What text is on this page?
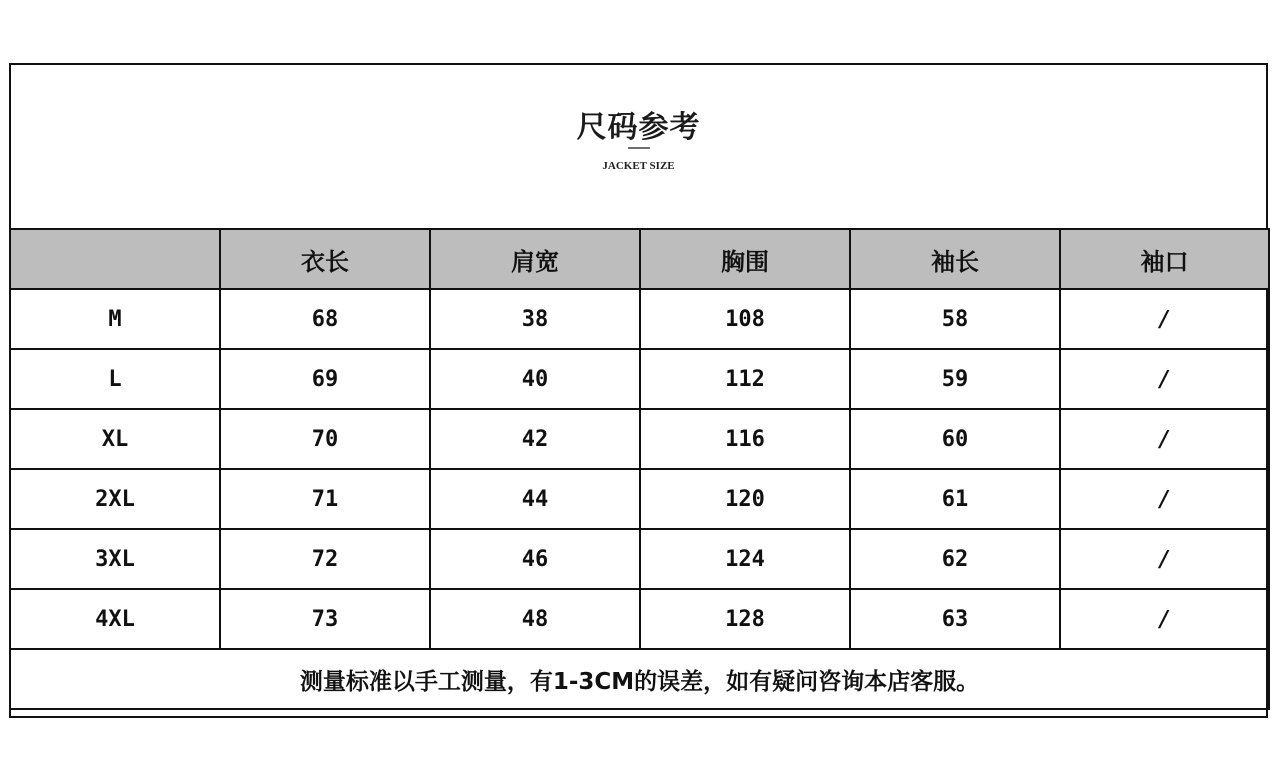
尺码参考
JACKET SIZE
	衣长	肩宽	胸围	袖长	袖口
M	68	38	108	58	/
L	69	40	112	59	/
XL	70	42	116	60	/
2XL	71	44	120	61	/
3XL	72	46	124	62	/
4XL	73	48	128	63	/
测量标准以手工测量，有1-3CM的误差，如有疑问咨询本店客服。					
